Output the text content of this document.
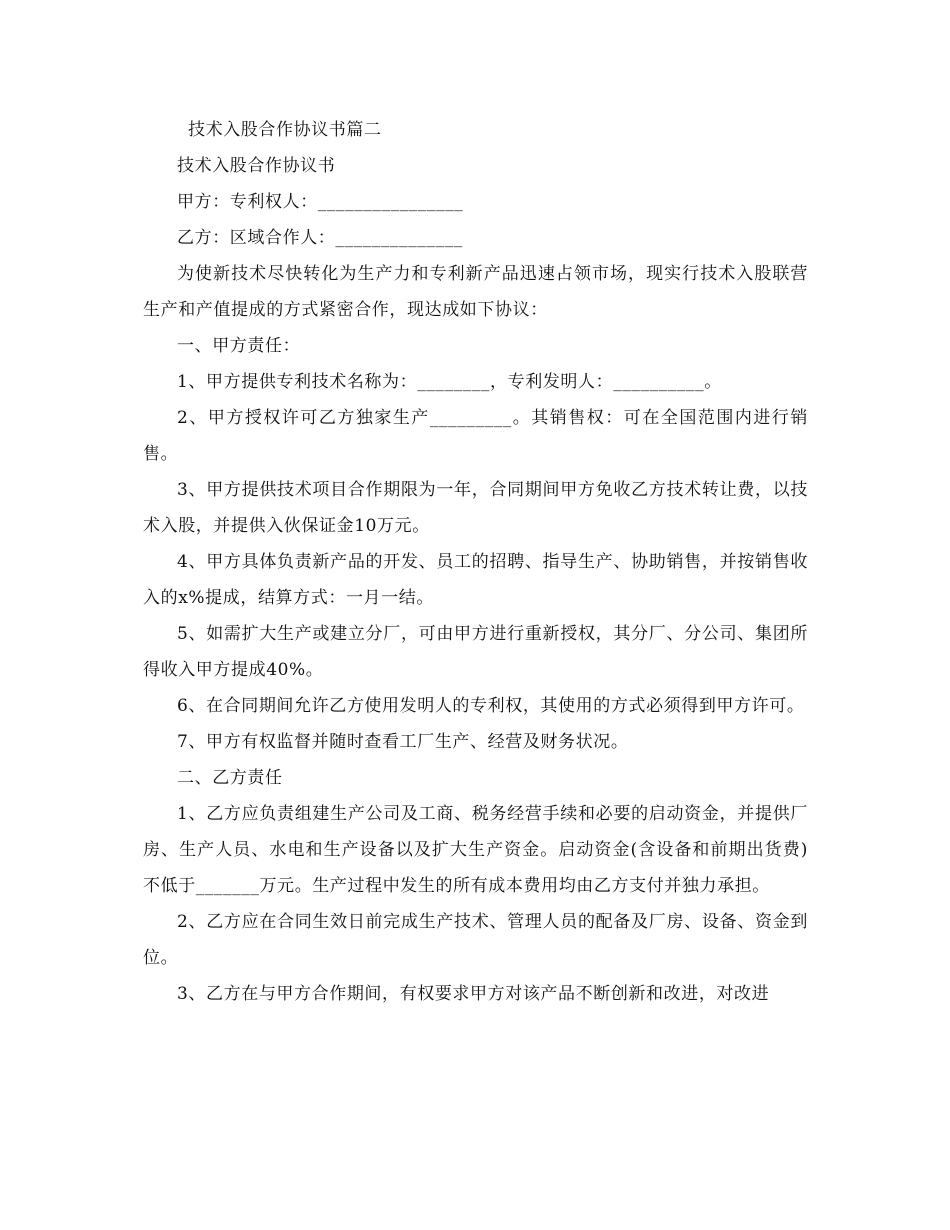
技术入股合作协议书篇二

技术入股合作协议书

甲方：专利权人：________________

乙方：区域合作人：______________

为使新技术尽快转化为生产力和专利新产品迅速占领市场，现实行技术入股联营生产和产值提成的方式紧密合作，现达成如下协议：

一、甲方责任：

1、甲方提供专利技术名称为：________，专利发明人：__________。

2、甲方授权许可乙方独家生产_________。其销售权：可在全国范围内进行销售。

3、甲方提供技术项目合作期限为一年，合同期间甲方免收乙方技术转让费，以技术入股，并提供入伙保证金10万元。

4、甲方具体负责新产品的开发、员工的招聘、指导生产、协助销售，并按销售收入的x%提成，结算方式：一月一结。

5、如需扩大生产或建立分厂，可由甲方进行重新授权，其分厂、分公司、集团所得收入甲方提成40%。

6、在合同期间允许乙方使用发明人的专利权，其使用的方式必须得到甲方许可。

7、甲方有权监督并随时查看工厂生产、经营及财务状况。

二、乙方责任

1、乙方应负责组建生产公司及工商、税务经营手续和必要的启动资金，并提供厂房、生产人员、水电和生产设备以及扩大生产资金。启动资金(含设备和前期出货费)不低于_______万元。生产过程中发生的所有成本费用均由乙方支付并独力承担。

2、乙方应在合同生效日前完成生产技术、管理人员的配备及厂房、设备、资金到位。

3、乙方在与甲方合作期间，有权要求甲方对该产品不断创新和改进，对改进
